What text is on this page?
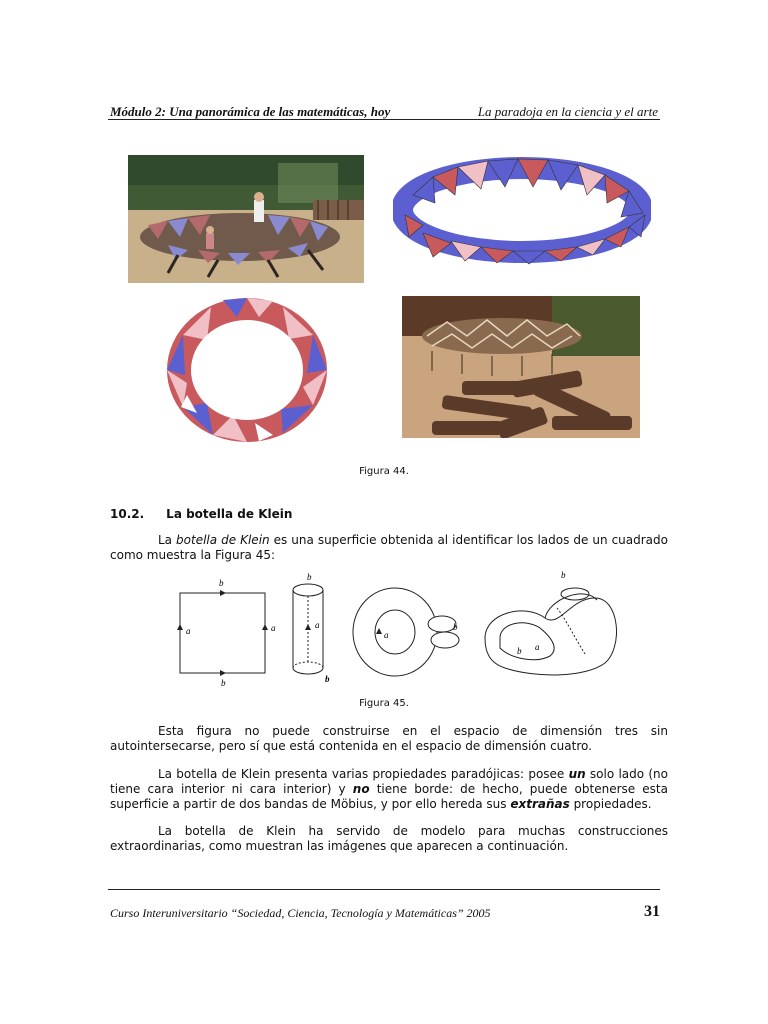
Módulo 2: Una panorámica de las matemáticas, hoy	La paradoja en la ciencia y el arte
Figura 44.
10.2. La botella de Klein
La botella de Klein es una superficie obtenida al identificar los lados de un cuadrado como muestra la Figura 45:
b
b
a	a
b
a
b
a
b
b
a
b
Figura 45.
Esta figura no puede construirse en el espacio de dimensión tres sin autointersecarse, pero sí que está contenida en el espacio de dimensión cuatro.
La botella de Klein presenta varias propiedades paradójicas: posee un solo lado (no tiene cara interior ni cara interior) y no tiene borde: de hecho, puede obtenerse esta superficie a partir de dos bandas de Möbius, y por ello hereda sus extrañas propiedades.
La botella de Klein ha servido de modelo para muchas construcciones extraordinarias, como muestran las imágenes que aparecen a continuación.
Curso Interuniversitario “Sociedad, Ciencia, Tecnología y Matemáticas” 2005	31
